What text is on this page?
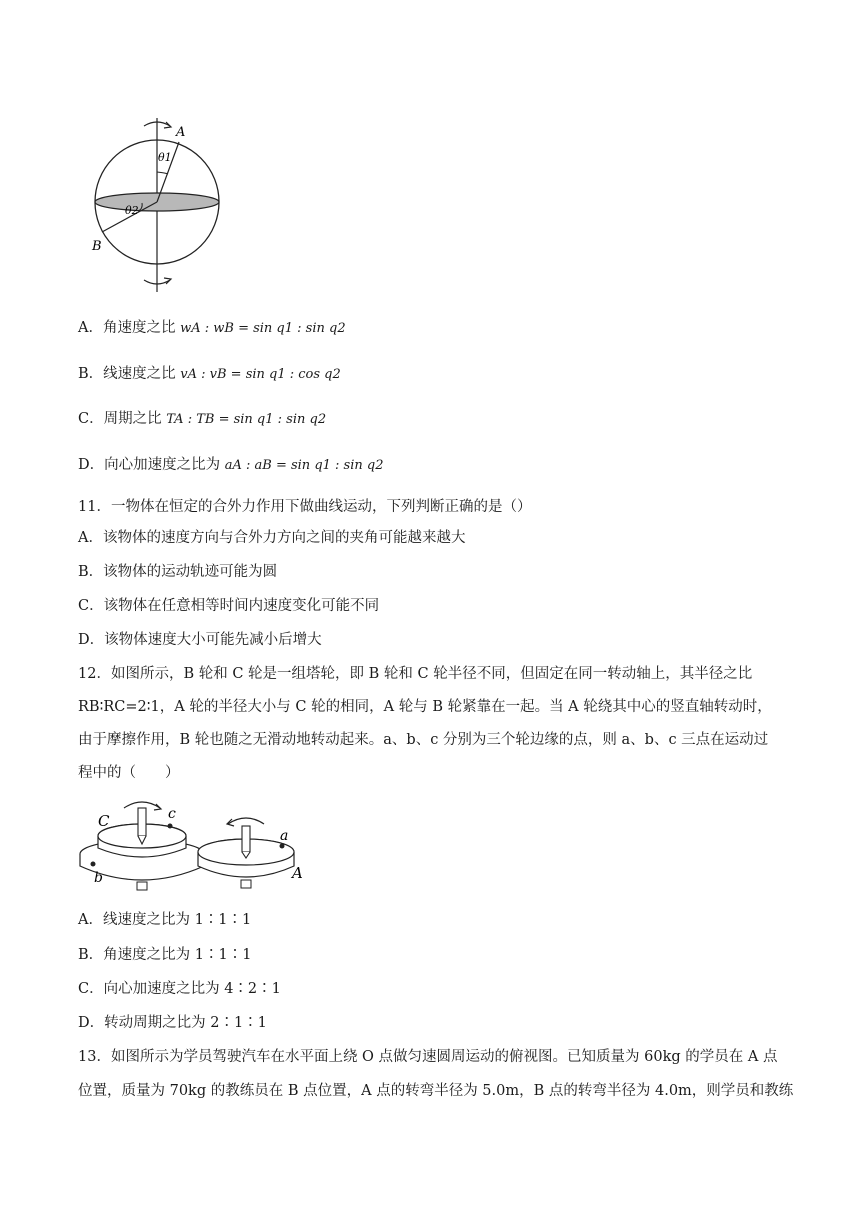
A
θ1
θ2
B
A．角速度之比 wA : wB = sin q1 : sin q2
B．线速度之比 vA : vB = sin q1 : cos q2
C．周期之比 TA : TB = sin q1 : sin q2
D．向心加速度之比为 aA : aB = sin q1 : sin q2
11．一物体在恒定的合外力作用下做曲线运动，下列判断正确的是（）
A．该物体的速度方向与合外力方向之间的夹角可能越来越大
B．该物体的运动轨迹可能为圆
C．该物体在任意相等时间内速度变化可能不同
D．该物体速度大小可能先减小后增大
12．如图所示，B 轮和 C 轮是一组塔轮，即 B 轮和 C 轮半径不同，但固定在同一转动轴上，其半径之比
RB∶RC=2∶1，A 轮的半径大小与 C 轮的相同，A 轮与 B 轮紧靠在一起。当 A 轮绕其中心的竖直轴转动时，
由于摩擦作用，B 轮也随之无滑动地转动起来。a、b、c 分别为三个轮边缘的点，则 a、b、c 三点在运动过
程中的（　　）
C	c
b
a
A
A．线速度之比为 1∶1∶1
B．角速度之比为 1∶1∶1
C．向心加速度之比为 4∶2∶1
D．转动周期之比为 2∶1∶1
13．如图所示为学员驾驶汽车在水平面上绕 O 点做匀速圆周运动的俯视图。已知质量为 60kg 的学员在 A 点
位置，质量为 70kg 的教练员在 B 点位置，A 点的转弯半径为 5.0m，B 点的转弯半径为 4.0m，则学员和教练
